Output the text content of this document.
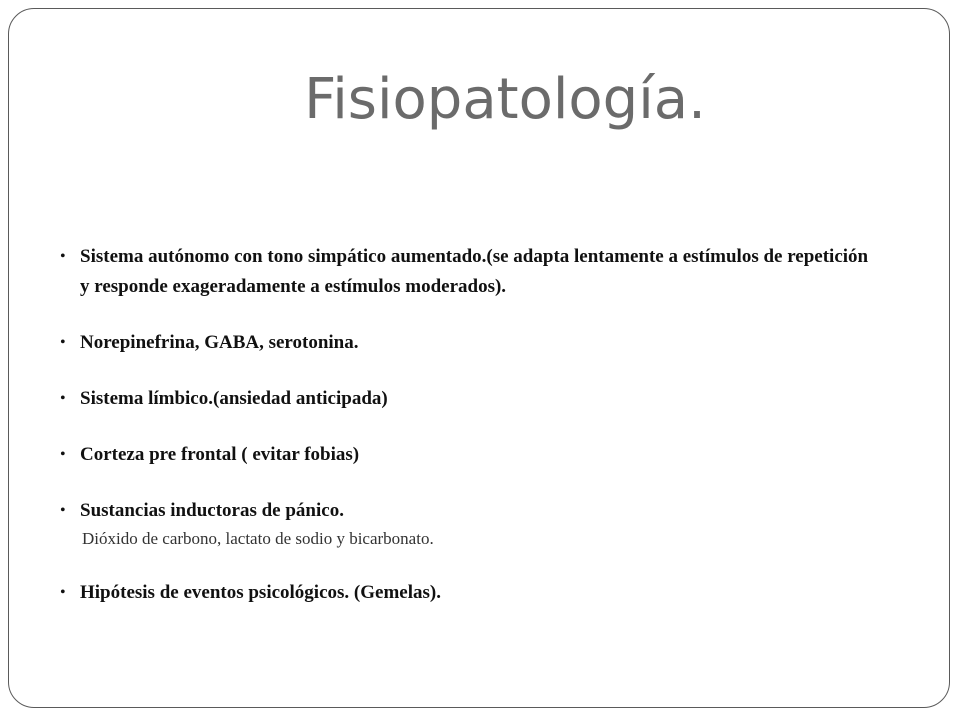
Fisiopatología.
• Sistema autónomo con tono simpático aumentado.(se adapta lentamente a estímulos de repetición y responde exageradamente a estímulos moderados).
• Norepinefrina, GABA, serotonina.
• Sistema límbico.(ansiedad anticipada)
• Corteza pre frontal ( evitar fobias)
• Sustancias inductoras de pánico.
Dióxido de carbono, lactato de sodio y bicarbonato.
• Hipótesis de eventos psicológicos. (Gemelas).
